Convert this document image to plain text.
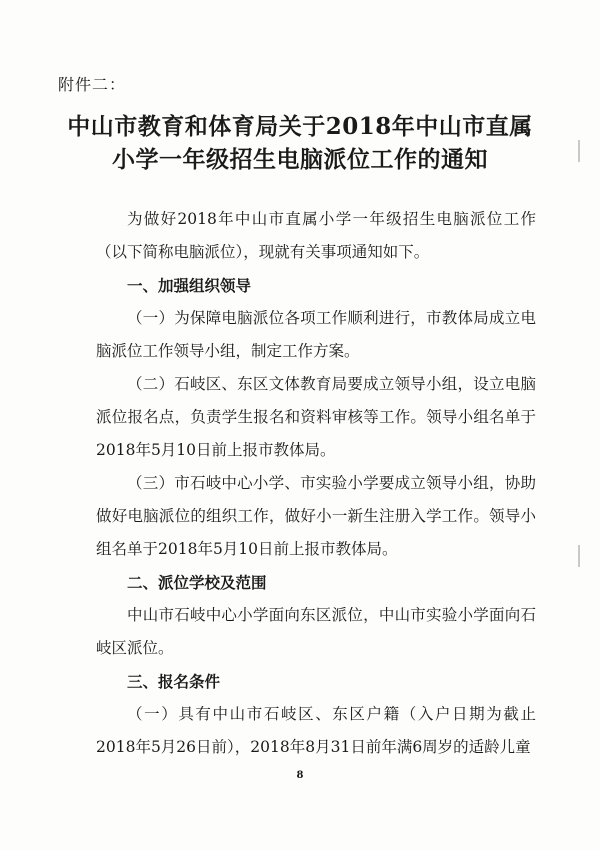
附件二：
中山市教育和体育局关于2018年中山市直属
小学一年级招生电脑派位工作的通知

为做好2018年中山市直属小学一年级招生电脑派位工作（以下简称电脑派位），现就有关事项通知如下。

一、加强组织领导

（一）为保障电脑派位各项工作顺利进行，市教体局成立电脑派位工作领导小组，制定工作方案。

（二）石岐区、东区文体教育局要成立领导小组，设立电脑派位报名点，负责学生报名和资料审核等工作。领导小组名单于2018年5月10日前上报市教体局。

（三）市石岐中心小学、市实验小学要成立领导小组，协助做好电脑派位的组织工作，做好小一新生注册入学工作。领导小组名单于2018年5月10日前上报市教体局。

二、派位学校及范围

中山市石岐中心小学面向东区派位，中山市实验小学面向石岐区派位。

三、报名条件

（一）具有中山市石岐区、东区户籍（入户日期为截止2018年5月26日前），2018年8月31日前年满6周岁的适龄儿童

8
